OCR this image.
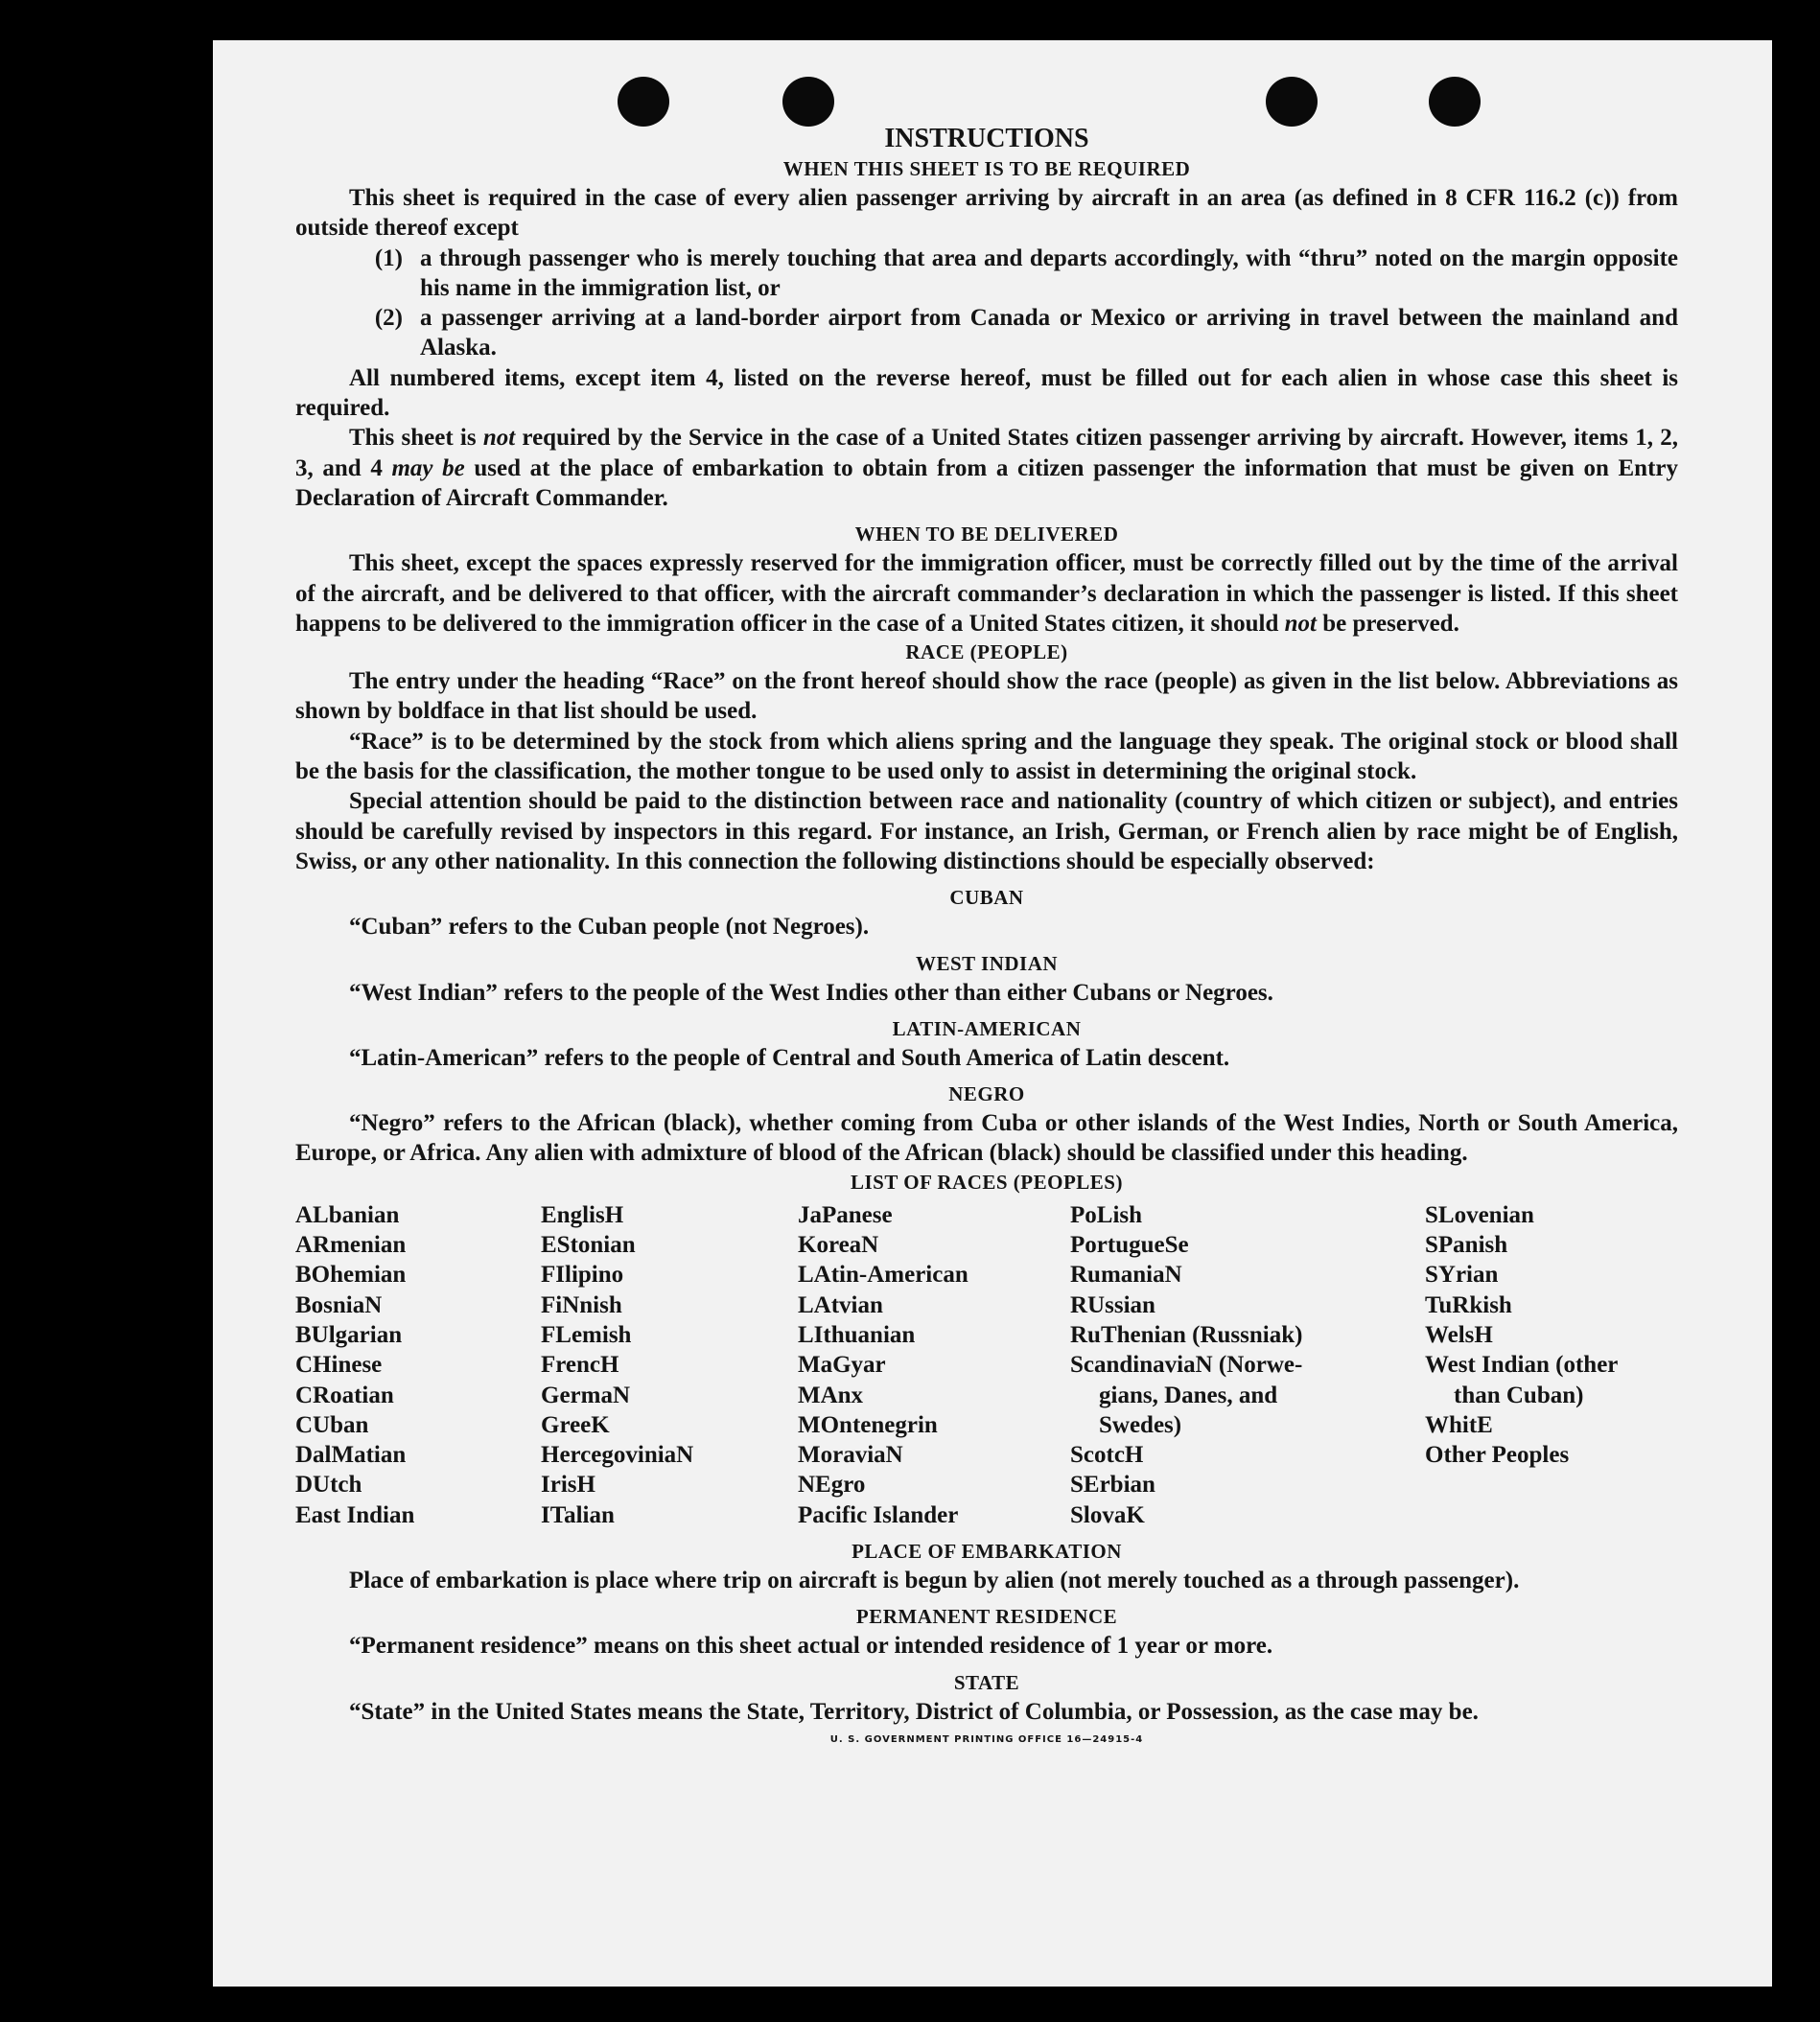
INSTRUCTIONS
WHEN THIS SHEET IS TO BE REQUIRED

This sheet is required in the case of every alien passenger arriving by aircraft in an area (as defined in 8 CFR 116.2 (c)) from outside thereof except

(1) a through passenger who is merely touching that area and departs accordingly, with “thru” noted on the margin opposite his name in the immigration list, or
(2) a passenger arriving at a land-border airport from Canada or Mexico or arriving in travel between the mainland and Alaska.

All numbered items, except item 4, listed on the reverse hereof, must be filled out for each alien in whose case this sheet is required.

This sheet is not required by the Service in the case of a United States citizen passenger arriving by aircraft. However, items 1, 2, 3, and 4 may be used at the place of embarkation to obtain from a citizen passenger the information that must be given on Entry Declaration of Aircraft Commander.

WHEN TO BE DELIVERED

This sheet, except the spaces expressly reserved for the immigration officer, must be correctly filled out by the time of the arrival of the aircraft, and be delivered to that officer, with the aircraft commander’s declaration in which the passenger is listed. If this sheet happens to be delivered to the immigration officer in the case of a United States citizen, it should not be preserved.

RACE (PEOPLE)

The entry under the heading “Race” on the front hereof should show the race (people) as given in the list below. Abbreviations as shown by boldface in that list should be used.

“Race” is to be determined by the stock from which aliens spring and the language they speak. The original stock or blood shall be the basis for the classification, the mother tongue to be used only to assist in determining the original stock.

Special attention should be paid to the distinction between race and nationality (country of which citizen or subject), and entries should be carefully revised by inspectors in this regard. For instance, an Irish, German, or French alien by race might be of English, Swiss, or any other nationality. In this connection the following distinctions should be especially observed:

CUBAN

“Cuban” refers to the Cuban people (not Negroes).

WEST INDIAN

“West Indian” refers to the people of the West Indies other than either Cubans or Negroes.

LATIN-AMERICAN

“Latin-American” refers to the people of Central and South America of Latin descent.

NEGRO

“Negro” refers to the African (black), whether coming from Cuba or other islands of the West Indies, North or South America, Europe, or Africa. Any alien with admixture of blood of the African (black) should be classified under this heading.

LIST OF RACES (PEOPLES)
ALbanian
ARmenian
BOhemian
BosniaN
BUlgarian
CHinese
CRoatian
CUban
DalMatian
DUtch
East Indian
EnglisH
EStonian
FIlipino
FiNnish
FLemish
FrencH
GermaN
GreeK
HercegoviniaN
IrisH
ITalian
JaPanese
KoreaN
LAtin-American
LAtvian
LIthuanian
MaGyar
MAnx
MOntenegrin
MoraviaN
NEgro
Pacific Islander
PoLish
PortugueSe
RumaniaN
RUssian
RuThenian (Russniak)
ScandinaviaN (Norwe-
gians, Danes, and
Swedes)
ScotcH
SErbian
SlovaK
SLovenian
SPanish
SYrian
TuRkish
WelsH
West Indian (other
than Cuban)
WhitE
Other Peoples
PLACE OF EMBARKATION

Place of embarkation is place where trip on aircraft is begun by alien (not merely touched as a through passenger).

PERMANENT RESIDENCE

“Permanent residence” means on this sheet actual or intended residence of 1 year or more.

STATE

“State” in the United States means the State, Territory, District of Columbia, or Possession, as the case may be.

U. S. GOVERNMENT PRINTING OFFICE 16—24915‑4
